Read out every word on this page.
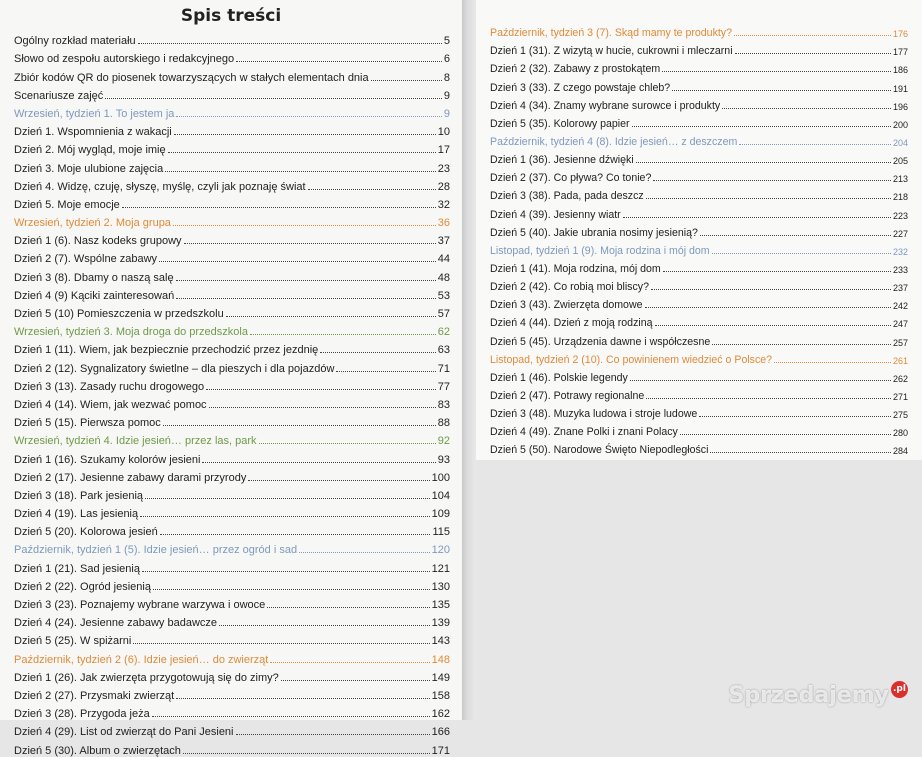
Spis treści
Ogólny rozkład materiału	5
Słowo od zespołu autorskiego i redakcyjnego	6
Zbiór kodów QR do piosenek towarzyszących w stałych elementach dnia	8
Scenariusze zajęć	9
Wrzesień, tydzień 1. To jestem ja	9
Dzień 1. Wspomnienia z wakacji	10
Dzień 2. Mój wygląd, moje imię	17
Dzień 3. Moje ulubione zajęcia	23
Dzień 4. Widzę, czuję, słyszę, myślę, czyli jak poznaję świat	28
Dzień 5. Moje emocje	32
Wrzesień, tydzień 2. Moja grupa	36
Dzień 1 (6). Nasz kodeks grupowy	37
Dzień 2 (7). Wspólne zabawy	44
Dzień 3 (8). Dbamy o naszą salę	48
Dzień 4 (9) Kąciki zainteresowań	53
Dzień 5 (10) Pomieszczenia w przedszkolu	57
Wrzesień, tydzień 3. Moja droga do przedszkola	62
Dzień 1 (11). Wiem, jak bezpiecznie przechodzić przez jezdnię	63
Dzień 2 (12). Sygnalizatory świetlne – dla pieszych i dla pojazdów	71
Dzień 3 (13). Zasady ruchu drogowego	77
Dzień 4 (14). Wiem, jak wezwać pomoc	83
Dzień 5 (15). Pierwsza pomoc	88
Wrzesień, tydzień 4. Idzie jesień… przez las, park	92
Dzień 1 (16). Szukamy kolorów jesieni	93
Dzień 2 (17). Jesienne zabawy darami przyrody	100
Dzień 3 (18). Park jesienią	104
Dzień 4 (19). Las jesienią	109
Dzień 5 (20). Kolorowa jesień	115
Październik, tydzień 1 (5). Idzie jesień… przez ogród i sad	120
Dzień 1 (21). Sad jesienią	121
Dzień 2 (22). Ogród jesienią	130
Dzień 3 (23). Poznajemy wybrane warzywa i owoce	135
Dzień 4 (24). Jesienne zabawy badawcze	139
Dzień 5 (25). W spiżarni	143
Październik, tydzień 2 (6). Idzie jesień… do zwierząt	148
Dzień 1 (26). Jak zwierzęta przygotowują się do zimy?	149
Dzień 2 (27). Przysmaki zwierząt	158
Dzień 3 (28). Przygoda jeża	162
Dzień 4 (29). List od zwierząt do Pani Jesieni	166
Dzień 5 (30). Album o zwierzętach	171
Październik, tydzień 3 (7). Skąd mamy te produkty?	176
Dzień 1 (31). Z wizytą w hucie, cukrowni i mleczarni	177
Dzień 2 (32). Zabawy z prostokątem	186
Dzień 3 (33). Z czego powstaje chleb?	191
Dzień 4 (34). Znamy wybrane surowce i produkty	196
Dzień 5 (35). Kolorowy papier	200
Październik, tydzień 4 (8). Idzie jesień… z deszczem	204
Dzień 1 (36). Jesienne dźwięki	205
Dzień 2 (37). Co pływa? Co tonie?	213
Dzień 3 (38). Pada, pada deszcz	218
Dzień 4 (39). Jesienny wiatr	223
Dzień 5 (40). Jakie ubrania nosimy jesienią?	227
Listopad, tydzień 1 (9). Moja rodzina i mój dom	232
Dzień 1 (41). Moja rodzina, mój dom	233
Dzień 2 (42). Co robią moi bliscy?	237
Dzień 3 (43). Zwierzęta domowe	242
Dzień 4 (44). Dzień z moją rodziną	247
Dzień 5 (45). Urządzenia dawne i współczesne	257
Listopad, tydzień 2 (10). Co powinienem wiedzieć o Polsce?	261
Dzień 1 (46). Polskie legendy	262
Dzień 2 (47). Potrawy regionalne	271
Dzień 3 (48). Muzyka ludowa i stroje ludowe	275
Dzień 4 (49). Znane Polki i znani Polacy	280
Dzień 5 (50). Narodowe Święto Niepodległości	284
Sprzedajemy .pl
